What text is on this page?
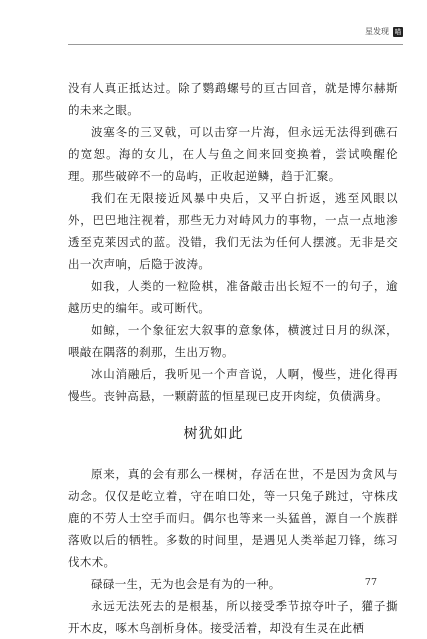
星发现 喵
树犹如此
77

没有人真正抵达过。除了鹦鹉螺号的亘古回音，就是博尔赫斯的未来之眼。

波塞冬的三叉戟，可以击穿一片海，但永远无法得到礁石的宽恕。海的女儿，在人与鱼之间来回变换着，尝试唤醒伦理。那些破碎不一的岛屿，正收起逆鳞，趋于汇聚。

我们在无限接近风暴中央后，又平白折返，逃至风眼以外，巴巴地注视着，那些无力对峙风力的事物，一点一点地渗透至克莱因式的蓝。没错，我们无法为任何人摆渡。无非是交出一次声响，后隐于波涛。

如我，人类的一粒险棋，准备敲击出长短不一的句子，逾越历史的编年。或可断代。

如鲸，一个象征宏大叙事的意象体，横渡过日月的纵深，喂敲在隅落的刹那，生出万物。

冰山消融后，我听见一个声音说，人啊，慢些，进化得再慢些。丧钟高悬，一颗蔚蓝的恒星现已皮开肉绽，负债满身。

原来，真的会有那么一棵树，存活在世，不是因为贪风与动念。仅仅是屹立着，守在咱口处，等一只兔子跳过，守株戌鹿的不劳人士空手而归。偶尔也等来一头猛兽，源自一个族群落败以后的牺牲。多数的时间里，是遇见人类举起刀锋，练习伐木术。

碌碌一生，无为也会是有为的一种。

永远无法死去的是根基，所以接受季节掠夺叶子，獾子撕开木皮，啄木鸟剖析身体。接受活着，却没有生灵在此栖
